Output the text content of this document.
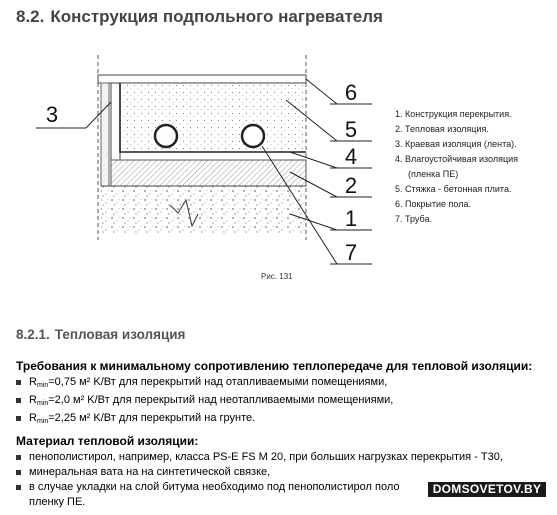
8.2. Конструкция подпольного нагревателя
3
6
5
4
2
1
7
1. Конструкция перекрытия.
2. Тепловая изоляция.
3. Краевая изоляция (лента).
4. Влагоустойчивая изоляция
(пленка ПЕ)
5. Стяжка - бетонная плита.
6. Покрытие пола.
7. Труба.
Рис. 131
8.2.1. Тепловая изоляция
Требования к минимальному сопротивлению теплопередаче для тепловой изоляции:
$R_{min}=0,75$ м² K/Вт для перекрытий над отапливаемыми помещениями,
$R_{min}=2,0$ м² K/Вт для перекрытий над неотапливаемыми помещениями,
$R_{min}=2,25$ м² K/Вт для перекрытий на грунте.
Материал тепловой изоляции:
пенополистирол, например, класса PS-E FS M 20, при больших нагрузках перекрытия - Т30,
минеральная вата на на синтетической связке,
в случае укладки на слой битума необходимо под пенополистирол поло
пленку ПЕ.
DOMSOVETOV.BY
